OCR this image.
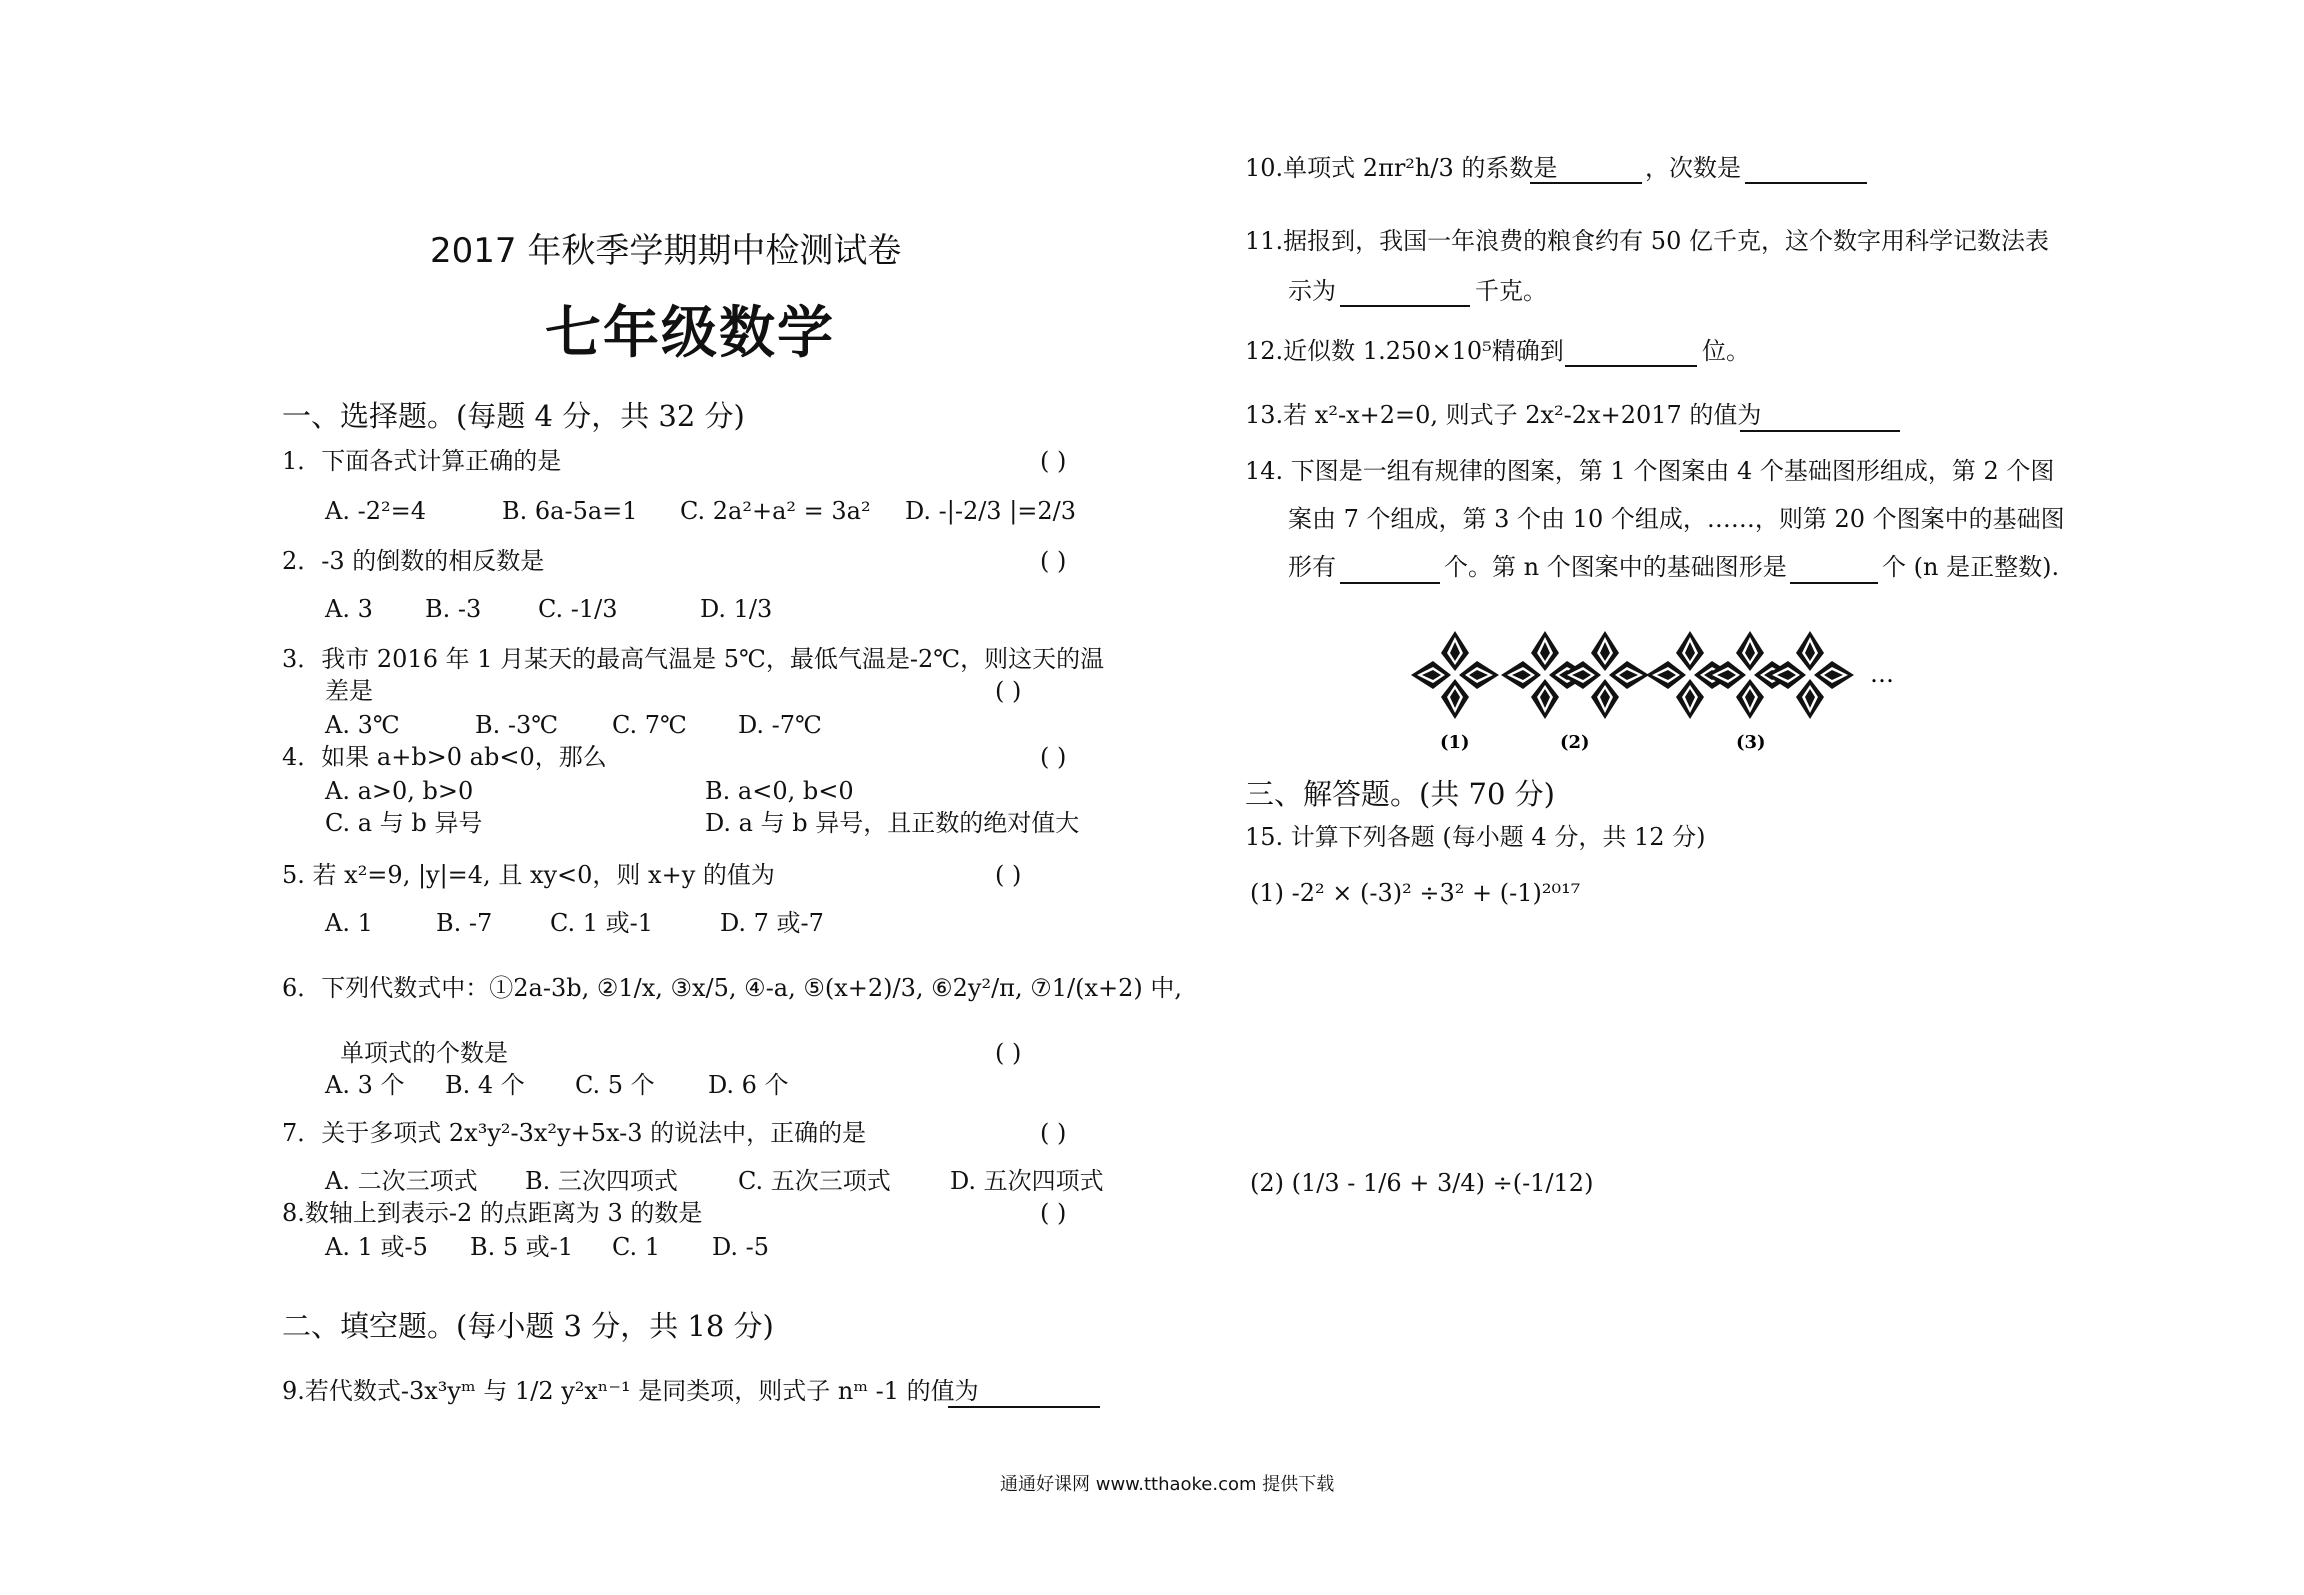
2017 年秋季学期期中检测试卷
七年级数学
一、选择题。(每题 4 分，共 32 分)
1．下面各式计算正确的是	( )
A. -2²=4	B. 6a-5a=1 C. 2a²+a² = 3a² D. -|-2/3 |=2/3
2．-3 的倒数的相反数是	( )
A. 3 B. -3 C. -1/3	D. 1/3
3．我市 2016 年 1 月某天的最高气温是 5℃，最低气温是-2℃，则这天的温
差是	( )
A. 3℃	B. -3℃ C. 7℃ D. -7℃
4．如果 a+b>0 ab<0，那么	( )
A. a>0, b>0	B. a<0, b<0
C. a 与 b 异号	D. a 与 b 异号，且正数的绝对值大
5. 若 x²=9, |y|=4, 且 xy<0，则 x+y 的值为	( )
A. 1	B. -7 C. 1 或-1	D. 7 或-7
6．下列代数式中：①2a-3b, ②1/x, ③x/5, ④-a, ⑤(x+2)/3, ⑥2y²/π, ⑦1/(x+2) 中,
单项式的个数是	( )
A. 3 个 B. 4 个 C. 5 个 D. 6 个
7．关于多项式 2x³y²-3x²y+5x-3 的说法中，正确的是	( )
A. 二次三项式 B. 三次四项式	C. 五次三项式 D. 五次四项式
8.数轴上到表示-2 的点距离为 3 的数是	( )
A. 1 或-5 B. 5 或-1 C. 1 D. -5
二、填空题。(每小题 3 分，共 18 分)
9.若代数式-3x³yᵐ 与 1/2 y²xⁿ⁻¹ 是同类项，则式子 nᵐ -1 的值为
10.单项式 2πr²h/3 的系数是	，次数是
11.据报到，我国一年浪费的粮食约有 50 亿千克，这个数字用科学记数法表
示为	千克。
12.近似数 1.250×10⁵精确到	位。
13.若 x²-x+2=0, 则式子 2x²-2x+2017 的值为
14. 下图是一组有规律的图案，第 1 个图案由 4 个基础图形组成，第 2 个图
案由 7 个组成，第 3 个由 10 个组成，……，则第 20 个图案中的基础图
形有	个。第 n 个图案中的基础图形是	个 (n 是正整数).
(1)	(2)	(3)
…
三、解答题。(共 70 分)
15. 计算下列各题 (每小题 4 分，共 12 分)
(1) -2² × (-3)² ÷3² + (-1)²⁰¹⁷
(2) (1/3 - 1/6 + 3/4) ÷(-1/12)
通通好课网 www.tthaoke.com 提供下载
